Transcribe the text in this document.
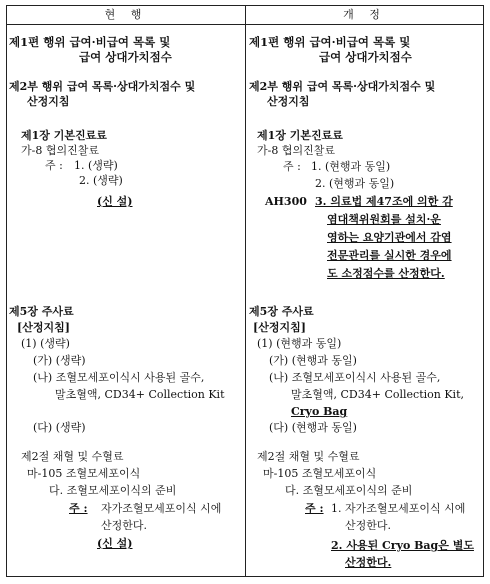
현 행	개 정
제1편 행위 급여·비급여 목록 및
급여 상대가치점수
제2부 행위 급여 목록·상대가치점수 및
산정지침
제1장 기본진료료
가-8 협의진찰료
주 : 1. (생략)
2. (생략)
(신 설)
제5장 주사료
[산정지침]
(1) (생략)
(가) (생략)
(나) 조혈모세포이식시 사용된 골수,
말초혈액, CD34+ Collection Kit
(다) (생략)
제2절 채혈 및 수혈료
마-105 조혈모세포이식
다. 조혈모세포이식의 준비
주 : 자가조혈모세포이식 시에
산정한다.
(신 설)
제1편 행위 급여·비급여 목록 및
급여 상대가치점수
제2부 행위 급여 목록·상대가치점수 및
산정지침
제1장 기본진료료
가-8 협의진찰료
주 : 1. (현행과 동일)
2. (현행과 동일)
AH300 3. 의료법 제47조에 의한 감
염대책위원회를 설치·운
영하는 요양기관에서 감염
전문관리를 실시한 경우에
도 소정점수를 산정한다.
제5장 주사료
[산정지침]
(1) (현행과 동일)
(가) (현행과 동일)
(나) 조혈모세포이식시 사용된 골수,
말초혈액, CD34+ Collection Kit,
Cryo Bag
(다) (현행과 동일)
제2절 채혈 및 수혈료
마-105 조혈모세포이식
다. 조혈모세포이식의 준비
주 : 1. 자가조혈모세포이식 시에
산정한다.
2. 사용된 Cryo Bag은 별도
산정한다.
